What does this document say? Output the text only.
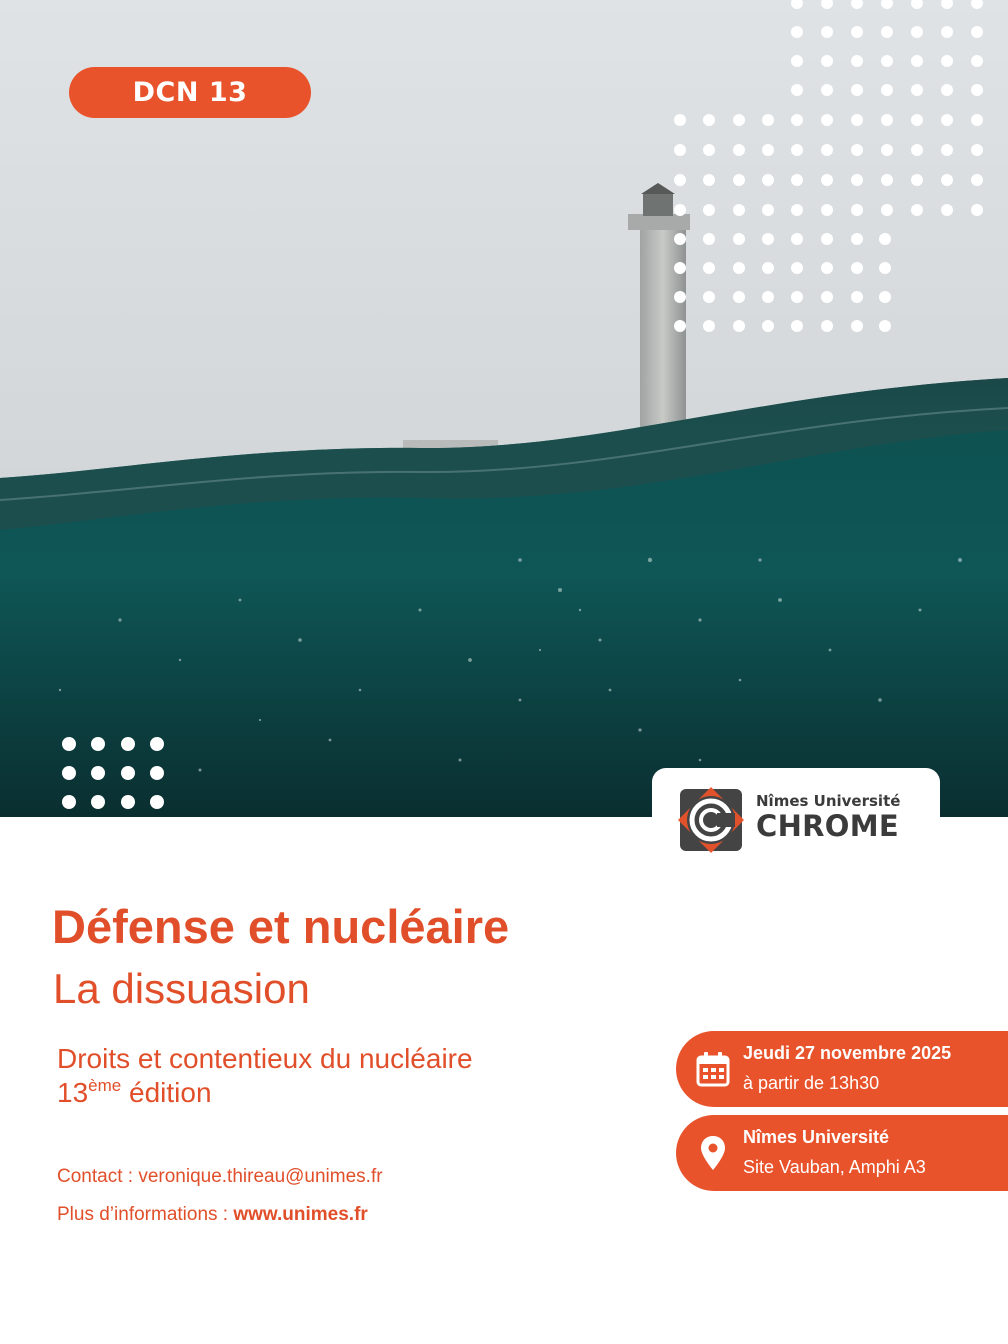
DCN 13
Nîmes Université
CHROME
Défense et nucléaire
La dissuasion
Droits et contentieux du nucléaire
13ème édition
Contact : veronique.thireau@unimes.fr
Plus d’informations : www.unimes.fr
Jeudi 27 novembre 2025
à partir de 13h30
Nîmes Université
Site Vauban, Amphi A3
